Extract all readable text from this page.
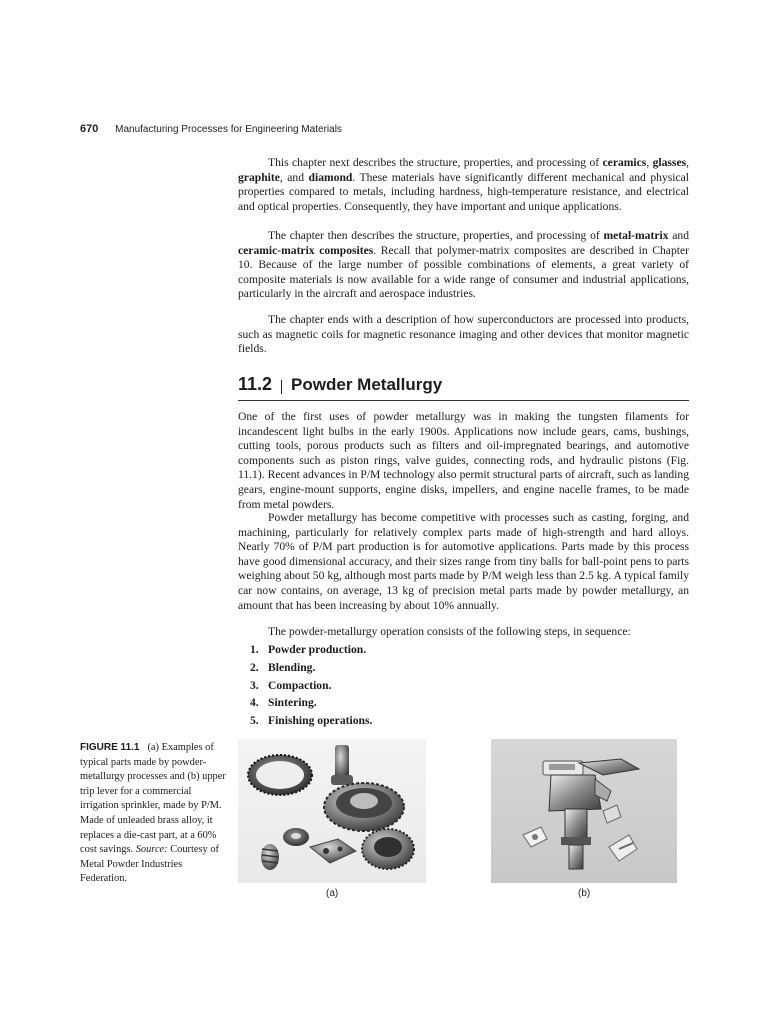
670 Manufacturing Processes for Engineering Materials

This chapter next describes the structure, properties, and processing of ceramics, glasses, graphite, and diamond. These materials have significantly different mechanical and physical properties compared to metals, including hardness, high-temperature resistance, and electrical and optical properties. Consequently, they have important and unique applications.

The chapter then describes the structure, properties, and processing of metal-matrix and ceramic-matrix composites. Recall that polymer-matrix composites are described in Chapter 10. Because of the large number of possible combinations of elements, a great variety of composite materials is now available for a wide range of consumer and industrial applications, particularly in the aircraft and aerospace industries.

The chapter ends with a description of how superconductors are processed into products, such as magnetic coils for magnetic resonance imaging and other devices that monitor magnetic fields.

11.2 Powder Metallurgy

One of the first uses of powder metallurgy was in making the tungsten filaments for incandescent light bulbs in the early 1900s. Applications now include gears, cams, bushings, cutting tools, porous products such as filters and oil-impregnated bearings, and automotive components such as piston rings, valve guides, connecting rods, and hydraulic pistons (Fig. 11.1). Recent advances in P/M technology also permit structural parts of aircraft, such as landing gears, engine-mount supports, engine disks, impellers, and engine nacelle frames, to be made from metal powders.

Powder metallurgy has become competitive with processes such as casting, forging, and machining, particularly for relatively complex parts made of high-strength and hard alloys. Nearly 70% of P/M part production is for automotive applications. Parts made by this process have good dimensional accuracy, and their sizes range from tiny balls for ball-point pens to parts weighing about 50 kg, although most parts made by P/M weigh less than 2.5 kg. A typical family car now contains, on average, 13 kg of precision metal parts made by powder metallurgy, an amount that has been increasing by about 10% annually.

The powder-metallurgy operation consists of the following steps, in sequence:

1. Powder production.
2. Blending.
3. Compaction.
4. Sintering.
5. Finishing operations.

FIGURE 11.1 (a) Examples of typical parts made by powder-metallurgy processes and (b) upper trip lever for a commercial irrigation sprinkler, made by P/M. Made of unleaded brass alloy, it replaces a die-cast part, at a 60% cost savings. Source: Courtesy of Metal Powder Industries Federation.

(a)	(b)
